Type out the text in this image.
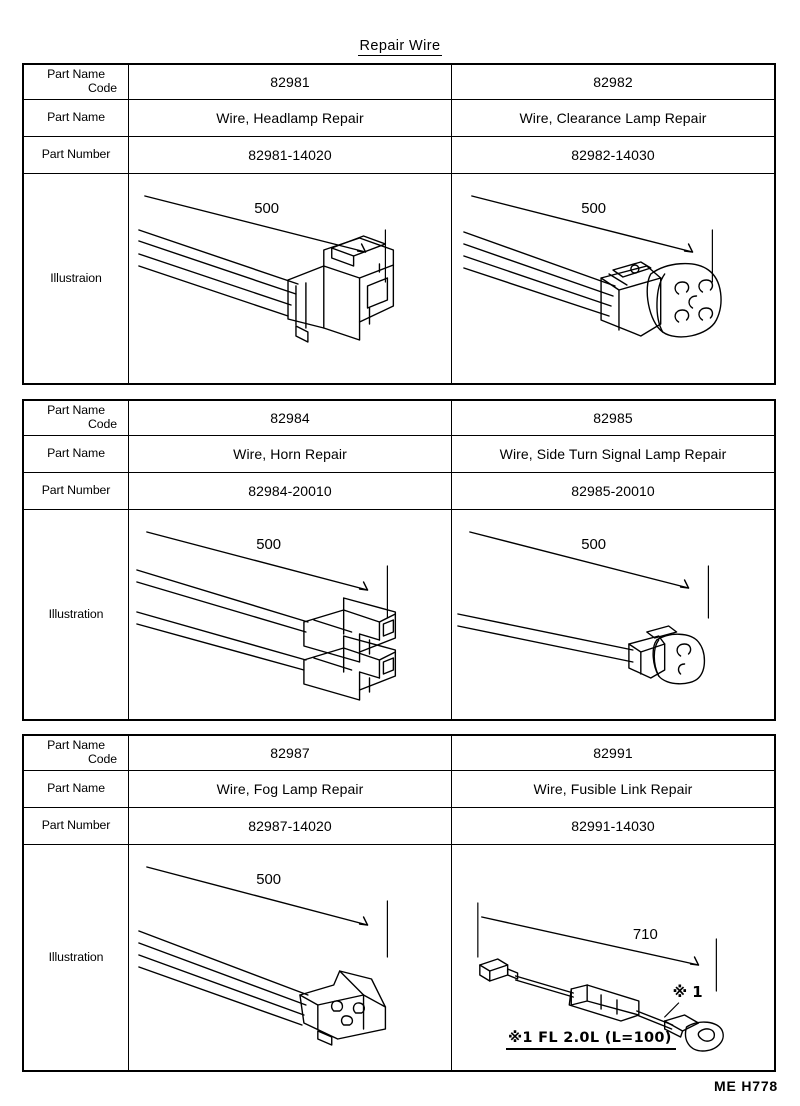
Repair Wire
Part Name
Code	82981	82982
Part Name	Wire, Headlamp Repair	Wire, Clearance Lamp Repair
Part Number	82981-14020	82982-14030
Illustraion
500	500
Part Name
Code	82984	82985
Part Name	Wire, Horn Repair	Wire, Side Turn Signal Lamp Repair
Part Number	82984-20010	82985-20010
Illustration
500	500
Part Name
Code	82987	82991
Part Name	Wire, Fog Lamp Repair	Wire, Fusible Link Repair
Part Number	82987-14020	82991-14030
Illustration
500
710
※ 1
※1 FL 2.0L (L=100)
ME H778
